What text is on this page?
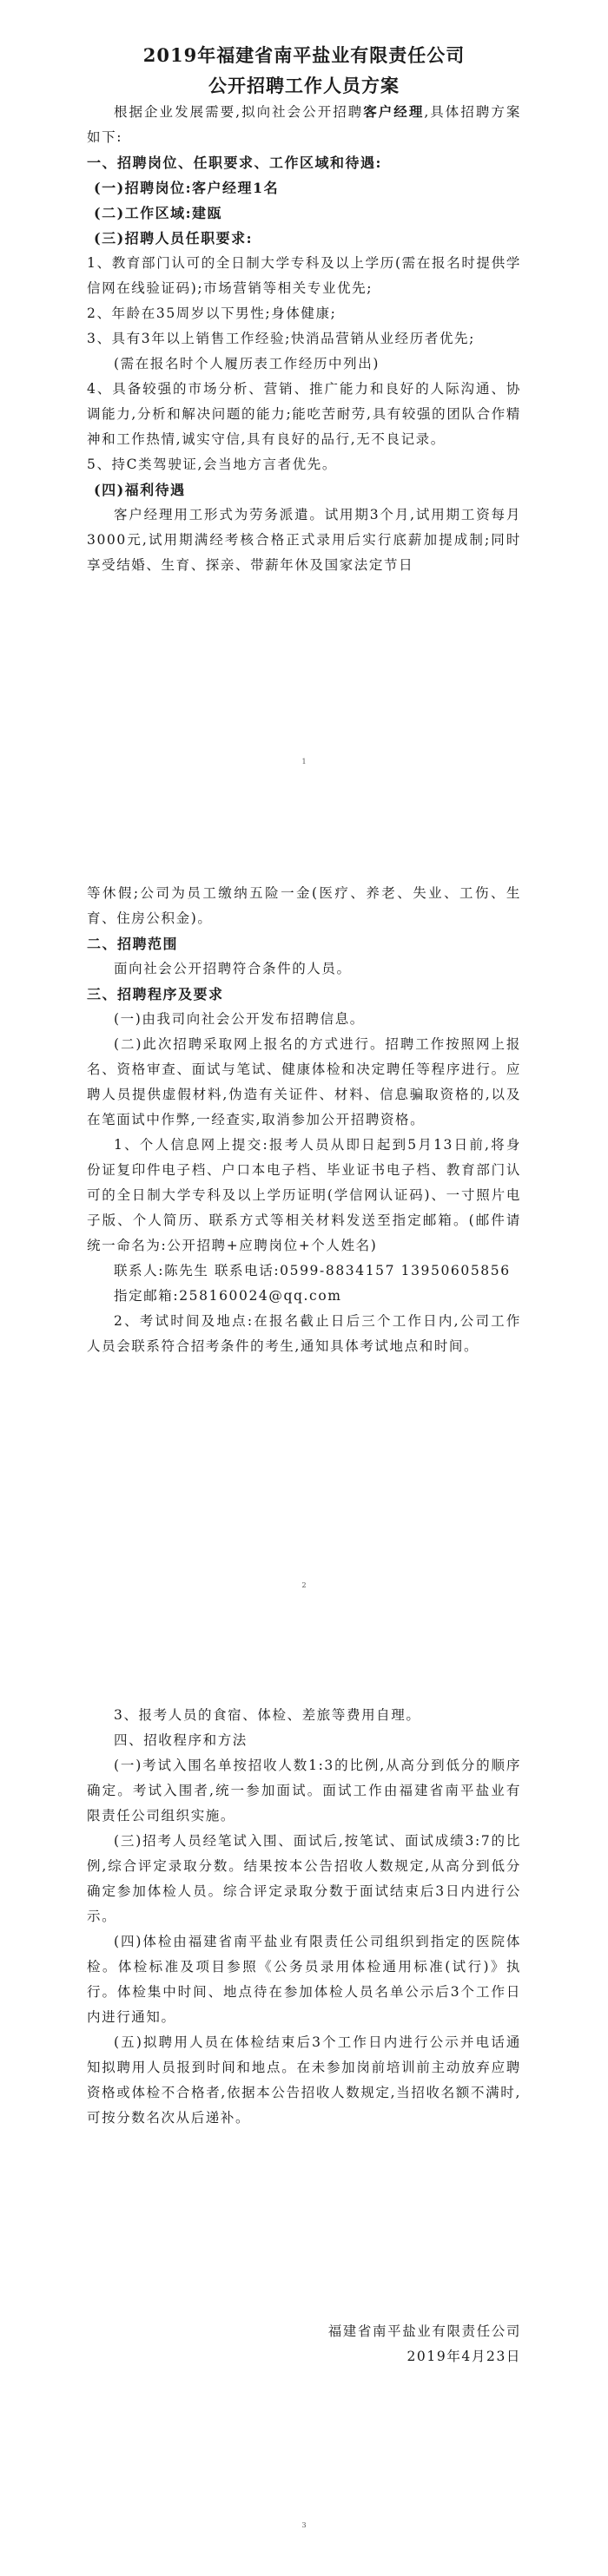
2019年福建省南平盐业有限责任公司
公开招聘工作人员方案

根据企业发展需要,拟向社会公开招聘客户经理,具体招聘方案如下:

一、招聘岗位、任职要求、工作区域和待遇:

(一)招聘岗位:客户经理1名

(二)工作区域:建瓯

(三)招聘人员任职要求:

1、教育部门认可的全日制大学专科及以上学历(需在报名时提供学信网在线验证码);市场营销等相关专业优先;

2、年龄在35周岁以下男性;身体健康;

3、具有3年以上销售工作经验;快消品营销从业经历者优先;

(需在报名时个人履历表工作经历中列出)

4、具备较强的市场分析、营销、推广能力和良好的人际沟通、协调能力,分析和解决问题的能力;能吃苦耐劳,具有较强的团队合作精神和工作热情,诚实守信,具有良好的品行,无不良记录。

5、持C类驾驶证,会当地方言者优先。

(四)福利待遇

客户经理用工形式为劳务派遣。试用期3个月,试用期工资每月3000元,试用期满经考核合格正式录用后实行底薪加提成制;同时享受结婚、生育、探亲、带薪年休及国家法定节日

1

等休假;公司为员工缴纳五险一金(医疗、养老、失业、工伤、生育、住房公积金)。

二、招聘范围

面向社会公开招聘符合条件的人员。

三、招聘程序及要求

(一)由我司向社会公开发布招聘信息。

(二)此次招聘采取网上报名的方式进行。招聘工作按照网上报名、资格审查、面试与笔试、健康体检和决定聘任等程序进行。应聘人员提供虚假材料,伪造有关证件、材料、信息骗取资格的,以及在笔面试中作弊,一经查实,取消参加公开招聘资格。

1、个人信息网上提交:报考人员从即日起到5月13日前,将身份证复印件电子档、户口本电子档、毕业证书电子档、教育部门认可的全日制大学专科及以上学历证明(学信网认证码)、一寸照片电子版、个人简历、联系方式等相关材料发送至指定邮箱。(邮件请统一命名为:公开招聘+应聘岗位+个人姓名)

联系人:陈先生 联系电话:0599-8834157 13950605856

指定邮箱:258160024@qq.com

2、考试时间及地点:在报名截止日后三个工作日内,公司工作人员会联系符合招考条件的考生,通知具体考试地点和时间。

2

3、报考人员的食宿、体检、差旅等费用自理。

四、招收程序和方法

(一)考试入围名单按招收人数1:3的比例,从高分到低分的顺序确定。考试入围者,统一参加面试。面试工作由福建省南平盐业有限责任公司组织实施。

(三)招考人员经笔试入围、面试后,按笔试、面试成绩3:7的比例,综合评定录取分数。结果按本公告招收人数规定,从高分到低分确定参加体检人员。综合评定录取分数于面试结束后3日内进行公示。

(四)体检由福建省南平盐业有限责任公司组织到指定的医院体检。体检标准及项目参照《公务员录用体检通用标准(试行)》执行。体检集中时间、地点待在参加体检人员名单公示后3个工作日内进行通知。

(五)拟聘用人员在体检结束后3个工作日内进行公示并电话通知拟聘用人员报到时间和地点。在未参加岗前培训前主动放弃应聘资格或体检不合格者,依据本公告招收人数规定,当招收名额不满时,可按分数名次从后递补。

福建省南平盐业有限责任公司

2019年4月23日

3
